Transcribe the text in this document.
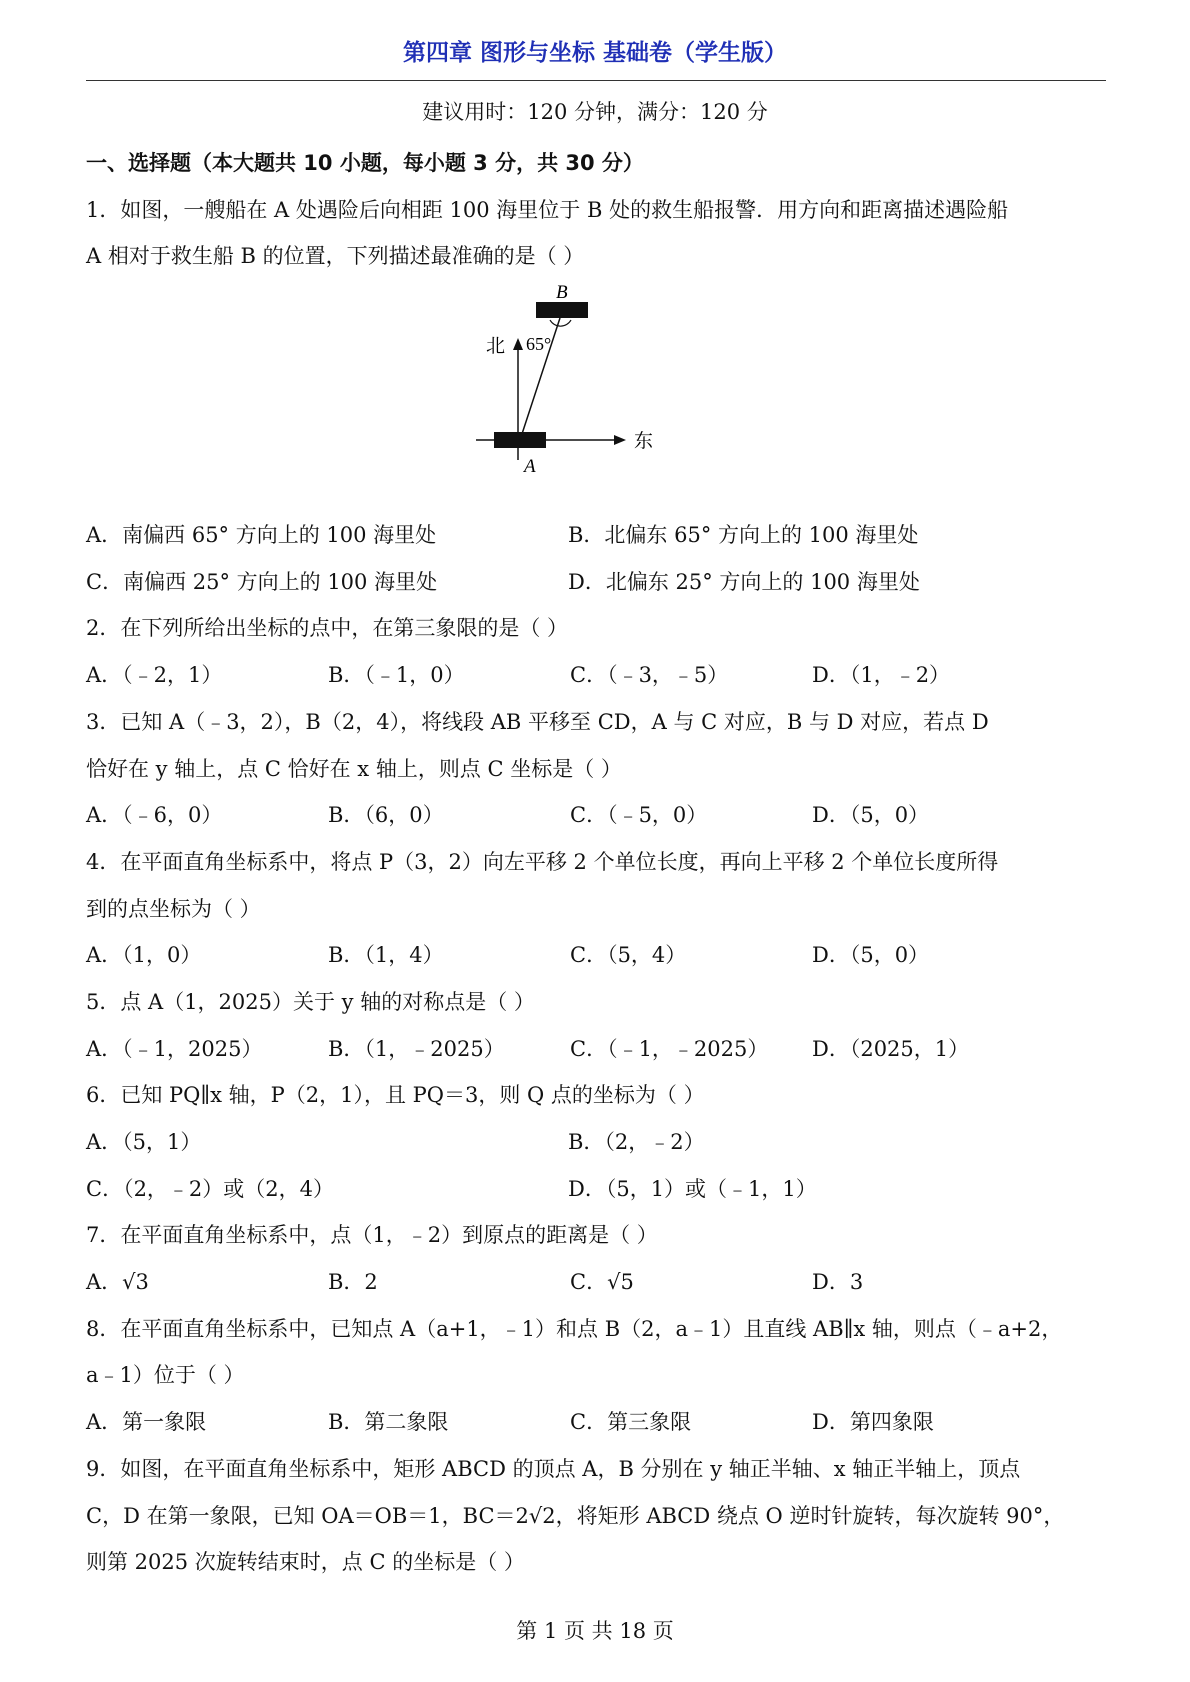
第四章 图形与坐标 基础卷（学生版）
建议用时：120 分钟，满分：120 分
一、选择题（本大题共 10 小题，每小题 3 分，共 30 分）
1．如图，一艘船在 A 处遇险后向相距 100 海里位于 B 处的救生船报警．用方向和距离描述遇险船
A 相对于救生船 B 的位置，下列描述最准确的是（ ）
B
A
北
东
65°
A．南偏西 65° 方向上的 100 海里处	B．北偏东 65° 方向上的 100 海里处
C．南偏西 25° 方向上的 100 海里处	D．北偏东 25° 方向上的 100 海里处
2．在下列所给出坐标的点中，在第三象限的是（ ）
A．（﹣2，1）	B．（﹣1，0）	C．（﹣3，﹣5）	D．（1，﹣2）
3．已知 A（﹣3，2），B（2，4），将线段 AB 平移至 CD，A 与 C 对应，B 与 D 对应，若点 D
恰好在 y 轴上，点 C 恰好在 x 轴上，则点 C 坐标是（ ）
A．（﹣6，0）	B．（6，0）	C．（﹣5，0）	D．（5，0）
4．在平面直角坐标系中，将点 P（3，2）向左平移 2 个单位长度，再向上平移 2 个单位长度所得
到的点坐标为（ ）
A．（1，0）	B．（1，4）	C．（5，4）	D．（5，0）
5．点 A（1，2025）关于 y 轴的对称点是（ ）
A．（﹣1，2025）	B．（1，﹣2025）	C．（﹣1，﹣2025）	D．（2025，1）
6．已知 PQ∥x 轴，P（2，1），且 PQ＝3，则 Q 点的坐标为（ ）
A．（5，1）	B．（2，﹣2）
C．（2，﹣2）或（2，4）	D．（5，1）或（﹣1，1）
7．在平面直角坐标系中，点（1，﹣2）到原点的距离是（ ）
A．√3	B．2	C．√5	D．3
8．在平面直角坐标系中，已知点 A（a+1，﹣1）和点 B（2，a﹣1）且直线 AB∥x 轴，则点（﹣a+2，
a﹣1）位于（ ）
A．第一象限	B．第二象限	C．第三象限	D．第四象限
9．如图，在平面直角坐标系中，矩形 ABCD 的顶点 A，B 分别在 y 轴正半轴、x 轴正半轴上，顶点
C，D 在第一象限，已知 OA＝OB＝1，BC＝2√2，将矩形 ABCD 绕点 O 逆时针旋转，每次旋转 90°，
则第 2025 次旋转结束时，点 C 的坐标是（ ）
第 1 页 共 18 页
